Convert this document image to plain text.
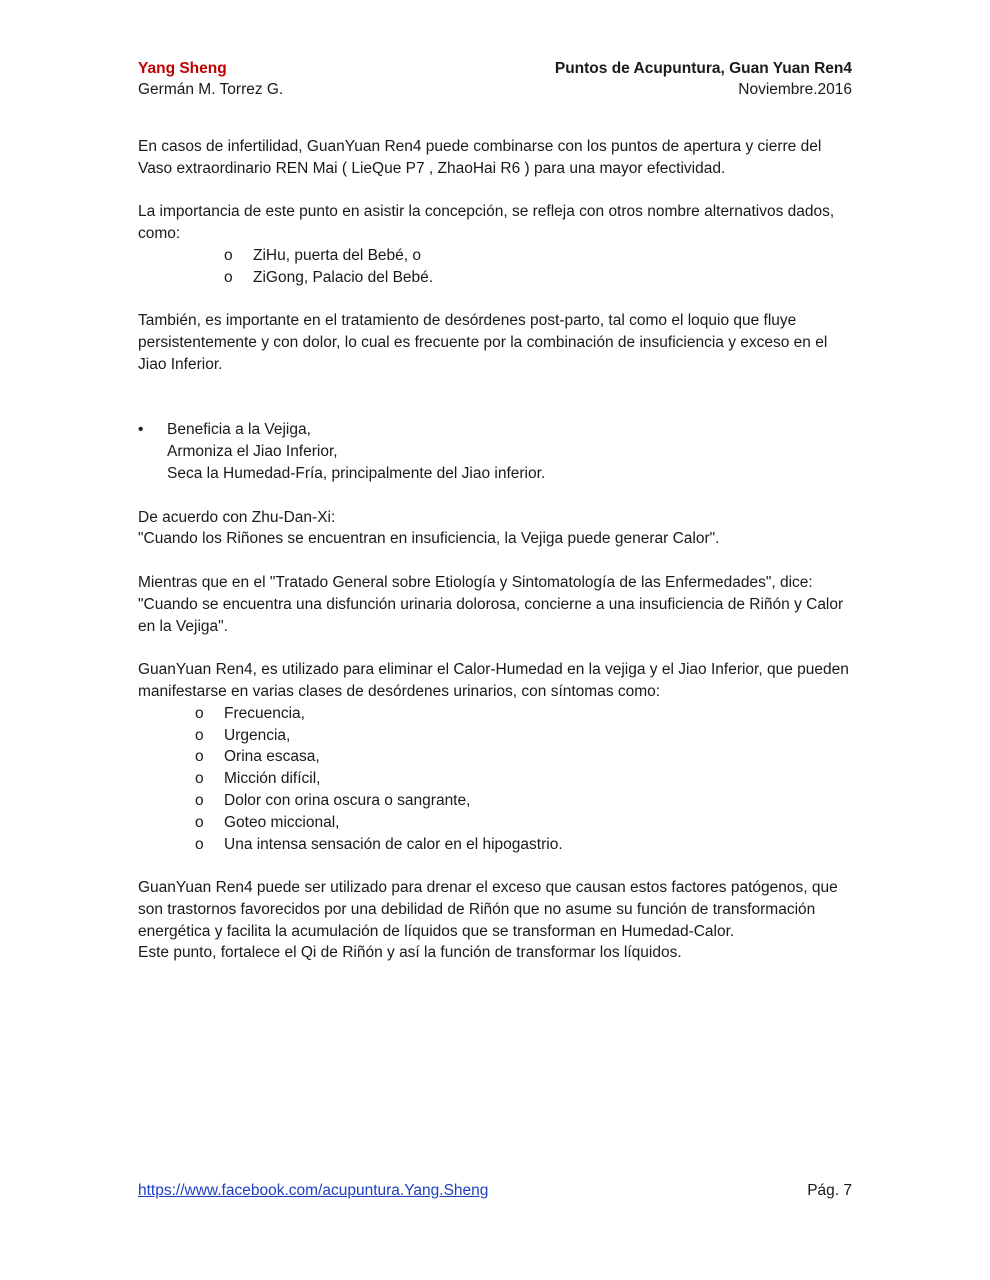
Yang Sheng
Germán M. Torrez G.
Puntos de Acupuntura, Guan Yuan Ren4
Noviembre.2016

En casos de infertilidad, GuanYuan Ren4 puede combinarse con los puntos de apertura y cierre del Vaso extraordinario REN Mai ( LieQue P7 , ZhaoHai R6 ) para una mayor efectividad.

La importancia de este punto en asistir la concepción, se refleja con otros nombre alternativos dados, como:

o ZiHu, puerta del Bebé, o
o ZiGong, Palacio del Bebé.

También, es importante en el tratamiento de desórdenes post-parto, tal como el loquio que fluye persistentemente y con dolor, lo cual es frecuente por la combinación de insuficiencia y exceso en el Jiao Inferior.

• Beneficia a la Vejiga,
Armoniza el Jiao Inferior,
Seca la Humedad-Fría, principalmente del Jiao inferior.

De acuerdo con Zhu-Dan-Xi:

"Cuando los Riñones se encuentran en insuficiencia, la Vejiga puede generar Calor".

Mientras que en el "Tratado General sobre Etiología y Sintomatología de las Enfermedades", dice: "Cuando se encuentra una disfunción urinaria dolorosa, concierne a una insuficiencia de Riñón y Calor en la Vejiga".

GuanYuan Ren4, es utilizado para eliminar el Calor-Humedad en la vejiga y el Jiao Inferior, que pueden manifestarse en varias clases de desórdenes urinarios, con síntomas como:

o Frecuencia,
o Urgencia,
o Orina escasa,
o Micción difícil,
o Dolor con orina oscura o sangrante,
o Goteo miccional,
o Una intensa sensación de calor en el hipogastrio.

GuanYuan Ren4 puede ser utilizado para drenar el exceso que causan estos factores patógenos, que son trastornos favorecidos por una debilidad de Riñón que no asume su función de transformación energética y facilita la acumulación de líquidos que se transforman en Humedad-Calor.

Este punto, fortalece el Qi de Riñón y así la función de transformar los líquidos.

https://www.facebook.com/acupuntura.Yang.Sheng	Pág. 7
